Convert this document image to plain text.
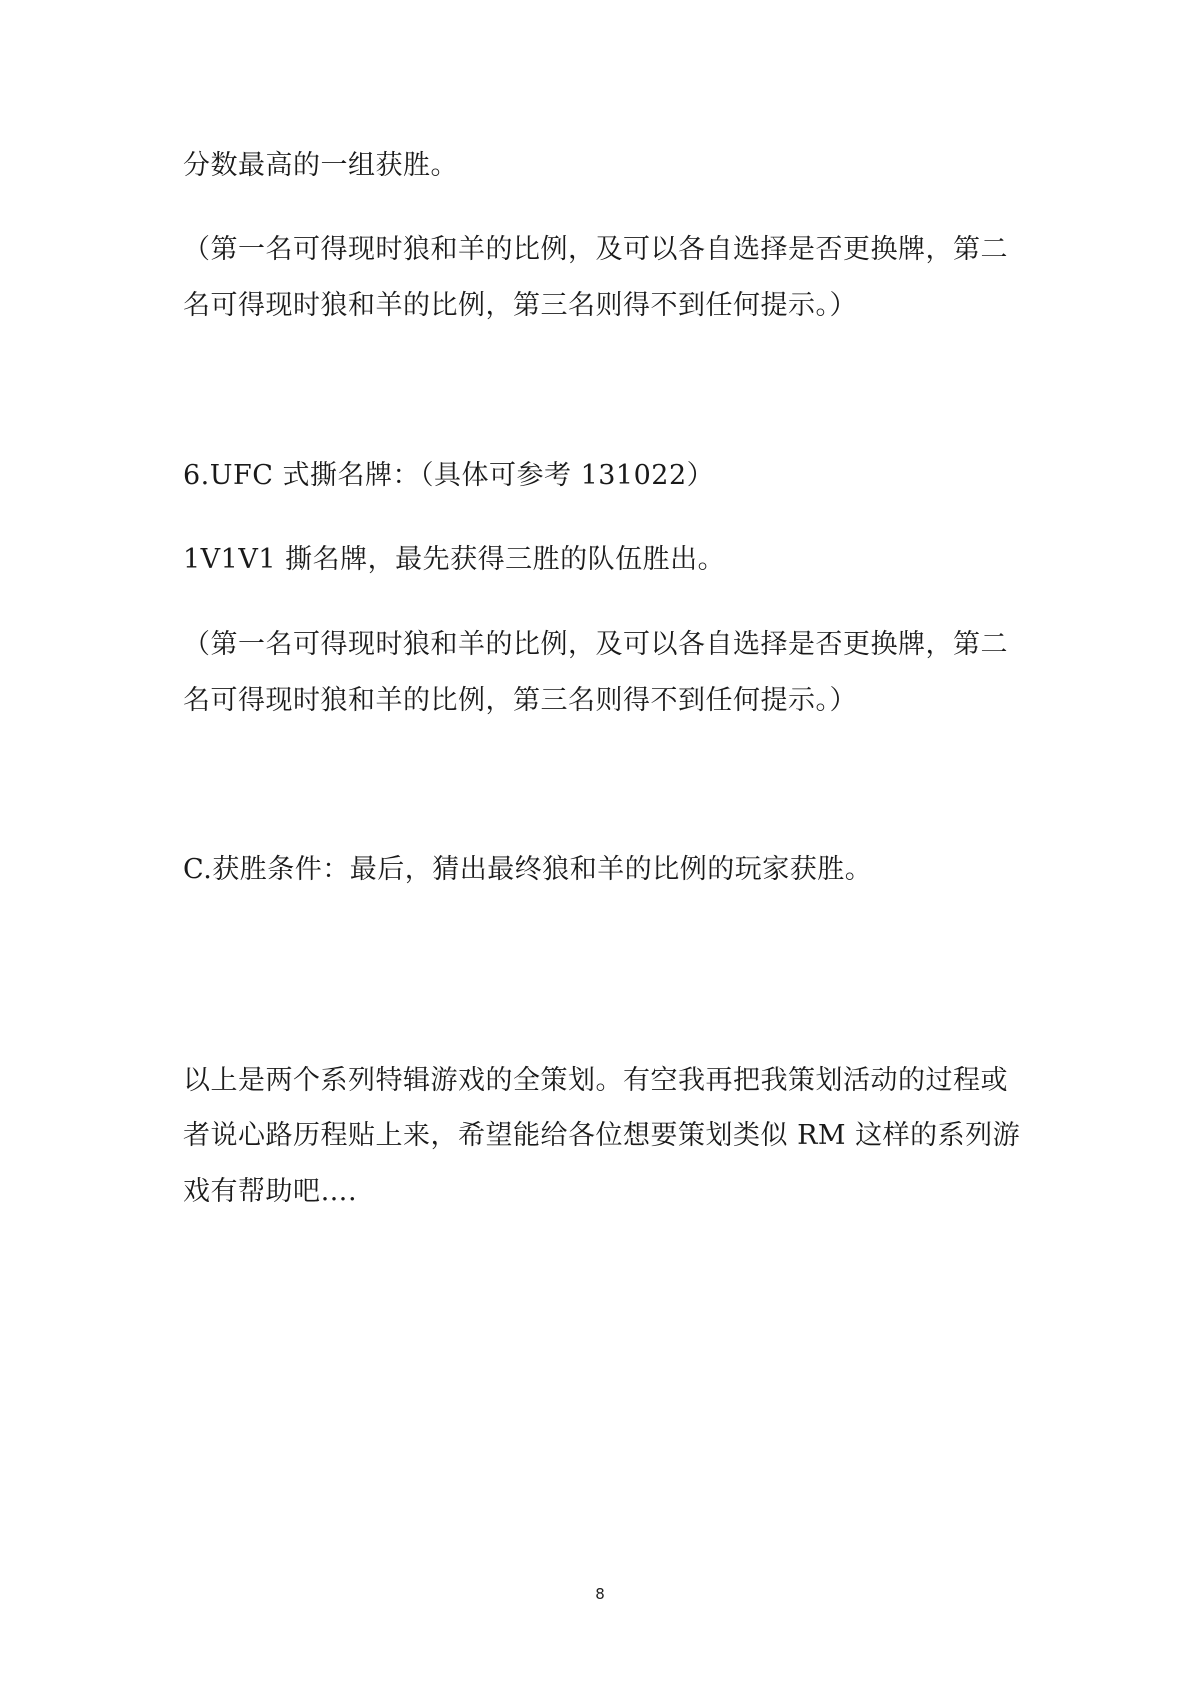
分数最高的一组获胜。
（第一名可得现时狼和羊的比例，及可以各自选择是否更换牌，第二
名可得现时狼和羊的比例，第三名则得不到任何提示。）
6.UFC 式撕名牌：（具体可参考 131022）
1V1V1 撕名牌，最先获得三胜的队伍胜出。
（第一名可得现时狼和羊的比例，及可以各自选择是否更换牌，第二
名可得现时狼和羊的比例，第三名则得不到任何提示。）
C.获胜条件：最后，猜出最终狼和羊的比例的玩家获胜。
以上是两个系列特辑游戏的全策划。有空我再把我策划活动的过程或
者说心路历程贴上来，希望能给各位想要策划类似 RM 这样的系列游
戏有帮助吧….
8
